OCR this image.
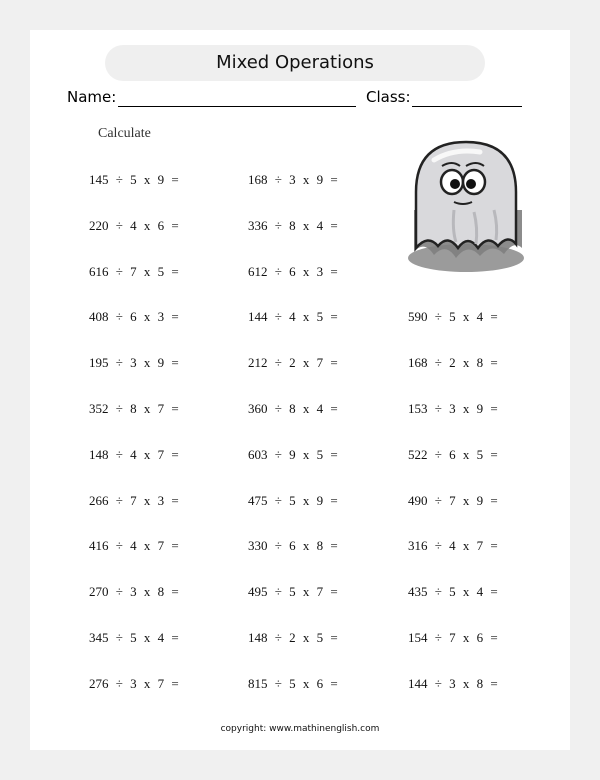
Mixed Operations
Name:	Class:
Calculate
145 ÷ 5 x 9 =
220 ÷ 4 x 6 =
616 ÷ 7 x 5 =
408 ÷ 6 x 3 =
195 ÷ 3 x 9 =
352 ÷ 8 x 7 =
148 ÷ 4 x 7 =
266 ÷ 7 x 3 =
416 ÷ 4 x 7 =
270 ÷ 3 x 8 =
345 ÷ 5 x 4 =
276 ÷ 3 x 7 =
168 ÷ 3 x 9 =
336 ÷ 8 x 4 =
612 ÷ 6 x 3 =
144 ÷ 4 x 5 =
212 ÷ 2 x 7 =
360 ÷ 8 x 4 =
603 ÷ 9 x 5 =
475 ÷ 5 x 9 =
330 ÷ 6 x 8 =
495 ÷ 5 x 7 =
148 ÷ 2 x 5 =
815 ÷ 5 x 6 =
590 ÷ 5 x 4 =
168 ÷ 2 x 8 =
153 ÷ 3 x 9 =
522 ÷ 6 x 5 =
490 ÷ 7 x 9 =
316 ÷ 4 x 7 =
435 ÷ 5 x 4 =
154 ÷ 7 x 6 =
144 ÷ 3 x 8 =
copyright: www.mathinenglish.com
